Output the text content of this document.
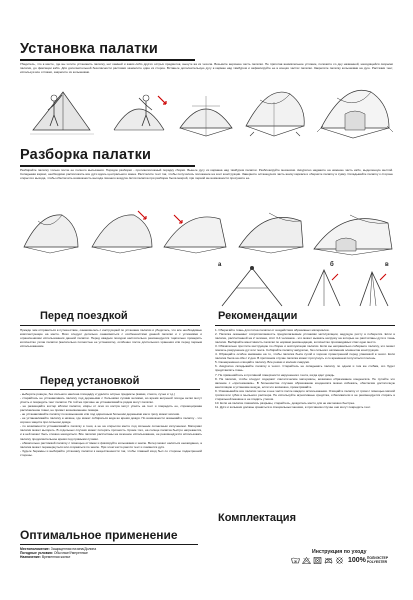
Установка палатки
Убедитесь, что в месте, где вы хотите установить палатку, нет камней и каких-либо других острых предметов, вынуте ва из чехола. Возьмите верхнюю часть палатки. Не приготав внимательное условие, положите со дну названной, находящейся скорыми палатки, до фиксации кабо. Для дополнительной безопасности растяжки заземлите один из сторон. Вставьте дополнительную дугу в карман над тамбуром и зафиксируйте ее в концах частях палатки. Закрепите палатку колышками на дуге. Растяжки тент, используя все оттяжки, закрепите их колышками.
Разборка палатки
Разбирайте палатку только после ее полного высыхания. Порядок разборки - противоположный порядку сборки. Выньте дугу из кармана над тамбуром палатки. Разблокируйте механизм. Аккуратно надавите на нижнюю часть кабо, выделенную желтой. Складывая каркас, необходимо расположить все дуги вдоль центрального звена. Расстелите тент так, чтобы получилось положение на зонт конструкции. Заверните остающуюся часть внизу каркаса и оберните палатку в сумку. Складывайте палатку к стороне открытого выхода, чтобы обеспечить возможность выхода лишнего воздуха. Если палатка при разборке была мокрой, при первой же возможности просушите ее.
а	б	в
Перед поездкой
Прежде чем отправиться в путешествие, ознакомьтесь с инструкцией по установке палатки и убедитесь, что все необходимые комплектующие на месте. Всех следует детально ознакомиться с особенностями данной палатки и с условиями и ограничениями использования данной палатки. Перед каждым походом настоятельно рекомендуется тщательно проверить количество узлов палатки (желательно полностью ее установить), особенно после длительного хранения или перед первым использованием.
Перед установкой
- выберите ровную, без сильного наклона площадку и удалите острые предметы (камни, стекло, сучья и т.д.)
- старайтесь не устанавливать палатку под деревьями с большими сухими ветками, во время ветреной погоды ветки могут упасть и повредить тент палатки. По той же причине не устанавливайте рядом могут палатки.
- не размещайте костер вблизи палатки, искры от огня из костра могут упасть на тент и повредить ее, спровоцировав расплавление ткани, не примет возникновение пожара.
- не устанавливайте палатку по возвышении или под одиночным большим деревьями как в грозу может молния.
- не устанавливайте палатку в низине, где может собираться вода во время дождя. По возможности оказывайте палатку - что хорошо защита при сильном дожде.
- по возможности устанавливайте палатку в тени, а не на открытом месте под сильным солнечным излучением. Материал палатки может выгореть. В отдельных случаях может потерять прочность. Кроме того, на солнце палатка быстро нагревается, и в ней может быть сложно находиться. Все палатки рассчитаны на сезонное использование, не рекомендуется использовать палатку продолжительное время под прямыми лучами.
- обязательно растяжкой палатку с помощью оттяжек и фиксируйте колышками к земле. Ветер может налиться неожиданно, а палатка может перевернуться или оторваться по земле. При этом часто рвется тент и ломаются дуги.
- будьте бережны и выбирайте установку палатки к вещественности так, чтобы главный вход был со стороны подветренной стороны.
Рекомендации
1. Оберегайте ткань для пятна палатки от воздействия образивных материалов.
2. Палатка оказывает сопротивляемость предполагаемым условиям эксплуатации, ведущую росту в поберется. Если в палатке, рассчитанной на 2 человек, спят 3-4 человека - это может вызвать нагрузку на которые не рассчитаны дуги и ткань палатки. Выбирайте вместимость палатки по нормам рекомендации, количество производимых спас одно место.
3. Обязательно прочтите инструкцию по сборке и эксплуатации палатки. Если вы неправильно собираете палатку, это может повлечь разрушение дуг или тента. Собирайте палатку аккуратно, без сильного натяжения элементов конструкции.
4. Обращайте особое внимание на то, чтобы палатка была сухой и хорошо проветренной перед упаковкой в чехол. Если палатка была на оба с 2 дня. В противном случае палатка может протухнуть и со временем получиться плесень.
5. Своевременно очищайте палатку. Все ремни и молнии снаружи.
6. Аккуратно складывайте палатку в чехол. Старайтесь не складывать палатку по одним и тем же сгибам, это будет представлять ткань.
7. Не применяйтесь в противной поверхности нарушенного тента, когда идет дождь.
8. На палатки, чтобы следует содержит синтетические материалы, возможно образование конденсата. Не путайте это явление с «протеканием». В большинстве случаев образование конденсата можно избежать, обеспечив достаточную вентиляцию в установке вещую, если это возможно, проветривайте.
9. Упаковывайте все палатки чехлы и нее части после каждого использования. Очищайте палатку от грязи с помощью мягкой тряпки или губки и мыльного раствора. Не используйте агрессивные средства, отбеливатели и не рекомендуется стирать в стиральной машине и не гладить утюгом.
10. Если на палатке появились разрывы, старайтесь, дождитесь место для не как можно быстрее.
11. Дуги и колышки должны храниться в специальных мешках, в противном случае они могут повредить тент.
Комплектация
Оптимальное применение
Местоположение: Защищенная низина/Долина
Погодные условия: Обычные/Умеренные
Назначение: Временная жилье
Инструкция по уходу
30	100% ПОЛИЭСТЕР
POLYESTER
